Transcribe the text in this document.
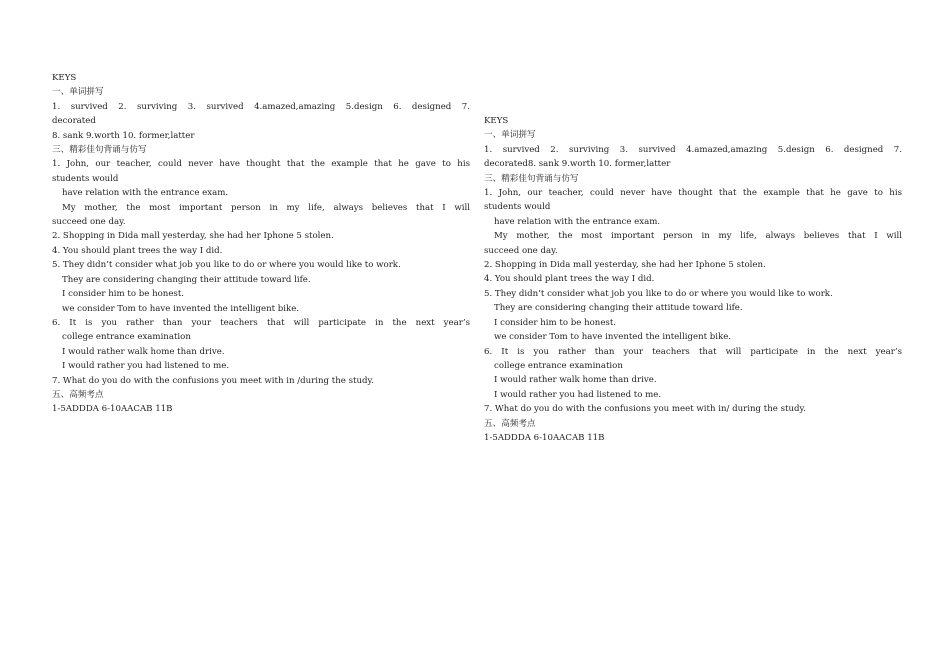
KEYS
一、单词拼写
1. survived 2. surviving 3. survived 4.amazed,amazing 5.design 6. designed 7.
decorated
8. sank 9.worth 10. former,latter
三、精彩佳句背诵与仿写
1. John, our teacher, could never have thought that the example that he gave to his
students would
have relation with the entrance exam.
My mother, the most important person in my life, always believes that I will
succeed one day.
2. Shopping in Dida mall yesterday, she had her Iphone 5 stolen.
4. You should plant trees the way I did.
5. They didn’t consider what job you like to do or where you would like to work.
They are considering changing their attitude toward life.
I consider him to be honest.
we consider Tom to have invented the intelligent bike.
6. It is you rather than your teachers that will participate in the next year’s
college entrance examination
I would rather walk home than drive.
I would rather you had listened to me.
7. What do you do with the confusions you meet with in /during the study.
五、高频考点
1-5ADDDA 6-10AACAB 11B
KEYS
一、单词拼写
1. survived 2. surviving 3. survived 4.amazed,amazing 5.design 6. designed 7.
decorated8. sank 9.worth 10. former,latter
三、精彩佳句背诵与仿写
1. John, our teacher, could never have thought that the example that he gave to his
students would
have relation with the entrance exam.
My mother, the most important person in my life, always believes that I will
succeed one day.
2. Shopping in Dida mall yesterday, she had her Iphone 5 stolen.
4. You should plant trees the way I did.
5. They didn’t consider what job you like to do or where you would like to work.
They are considering changing their attitude toward life.
I consider him to be honest.
we consider Tom to have invented the intelligent bike.
6. It is you rather than your teachers that will participate in the next year’s
college entrance examination
I would rather walk home than drive.
I would rather you had listened to me.
7. What do you do with the confusions you meet with in/ during the study.
五、高频考点
1-5ADDDA 6-10AACAB 11B
